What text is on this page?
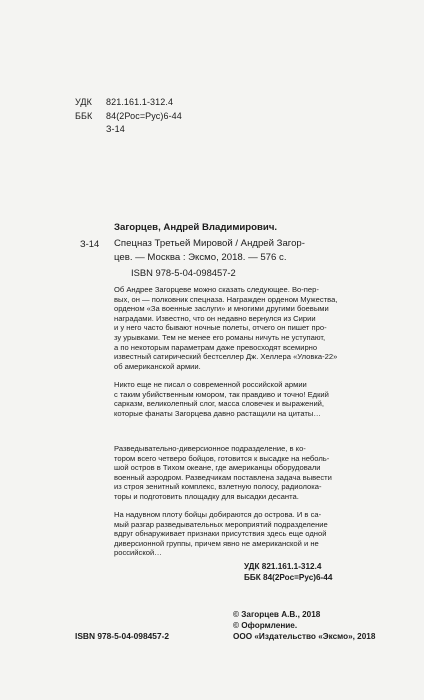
УДК 821.161.1-312.4
ББК 84(2Рос=Рус)6-44
З-14
Загорцев, Андрей Владимирович.
З-14 Спецназ Третьей Мировой / Андрей Загор-
цев. — Москва : Эксмо, 2018. — 576 с.
ISBN 978-5-04-098457-2
Об Андрее Загорцеве можно сказать следующее. Во-пер-
вых, он — полковник спецназа. Награжден орденом Мужества,
орденом «За военные заслуги» и многими другими боевыми
наградами. Известно, что он недавно вернулся из Сирии
и у него часто бывают ночные полеты, отчего он пишет про-
зу урывками. Тем не менее его романы ничуть не уступают,
а по некоторым параметрам даже превосходят всемирно
известный сатирический бестселлер Дж. Хеллера «Уловка-22»
об американской армии.
Никто еще не писал о современной российской армии
с таким убийственным юмором, так правдиво и точно! Едкий
сарказм, великолепный слог, масса словечек и выражений,
которые фанаты Загорцева давно растащили на цитаты…
Разведывательно-диверсионное подразделение, в ко-
тором всего четверо бойцов, готовится к высадке на неболь-
шой остров в Тихом океане, где американцы оборудовали
военный аэродром. Разведчикам поставлена задача вывести
из строя зенитный комплекс, взлетную полосу, радиолока-
торы и подготовить площадку для высадки десанта.
На надувном плоту бойцы добираются до острова. И в са-
мый разгар разведывательных мероприятий подразделение
вдруг обнаруживает признаки присутствия здесь еще одной
диверсионной группы, причем явно не американской и не
российской…
УДК 821.161.1-312.4
ББК 84(2Рос=Рус)6-44
© Загорцев А.В., 2018
© Оформление.
ООО «Издательство «Эксмо», 2018
ISBN 978-5-04-098457-2
